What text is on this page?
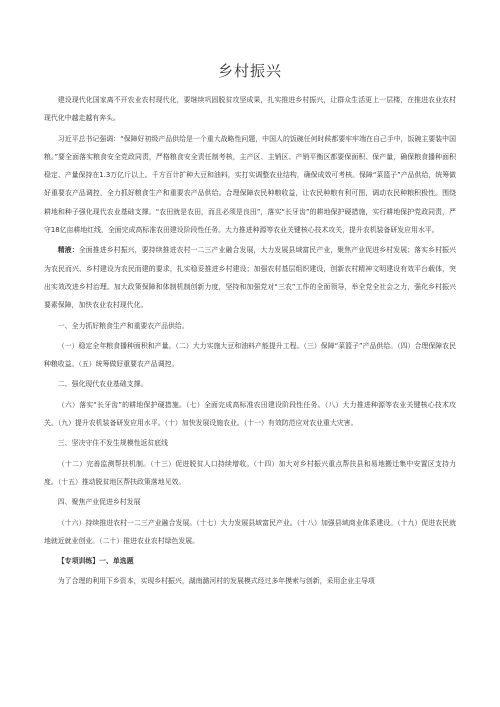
乡村振兴

建设现代化国家离不开农业农村现代化，要继续巩固脱贫攻坚成果，扎实推进乡村振兴，让群众生活更上一层楼，在推进农业农村现代化中越走越有奔头。

习近平总书记强调：“保障好初级产品供给是一个重大战略性问题，中国人的饭碗任何时候都要牢牢端在自己手中，饭碗主要装中国粮。”要全面落实粮食安全党政同责，严格粮食安全责任制考核，主产区、主销区、产销平衡区都要保面积、保产量，确保粮食播种面积稳定、产量保持在1.3万亿斤以上。千方百计扩种大豆和油料，实打实调整农业结构，确保成效可考核。保障“菜篮子”产品供给，统筹做好重要农产品调控，全力抓好粮食生产和重要农产品供给。合理保障农民种粮收益，让农民种粮有利可图，调动农民种粮积极性。围绕耕地和种子强化现代农业基础支撑。“农田就是农田，而且必须是良田”，落实“长牙齿”的耕地保护硬措施，实行耕地保护党政同责，严守18亿亩耕地红线，全面完成高标准农田建设阶段性任务。大力推进种源等农业关键核心技术攻关，提升农机装备研发应用水平。

精液：全面推进乡村振兴，要持续推进农村一二三产业融合发展，大力发展县域富民产业，聚焦产业促进乡村发展；落实乡村振兴为农民而兴、乡村建设为农民而建的要求，扎实稳妥推进乡村建设；加强农村基层组织建设，创新农村精神文明建设有效平台载体，突出实效改进乡村治理。加大政策保障和体制机制创新力度，坚持和加强党对“三农”工作的全面领导，举全党全社会之力，强化乡村振兴要素保障，加快农业农村现代化。

一、全力抓好粮食生产和重要农产品供给。

（一）稳定全年粮食播种面积和产量。（二）大力实施大豆和油料产能提升工程。（三）保障“菜篮子”产品供给。（四）合理保障农民种粮收益。（五）统筹做好重要农产品调控。

二、强化现代农业基础支撑。

（六）落实“长牙齿”的耕地保护硬措施。（七）全面完成高标准农田建设阶段性任务。（八）大力推进种源等农业关键核心技术攻关。（九）提升农机装备研发应用水平。（十）加快发展设施农业。（十一）有效防范应对农业重大灾害。

三、坚决守住不发生规模性返贫底线

（十二）完善监测帮扶机制。（十三）促进脱贫人口持续增收。（十四）加大对乡村振兴重点帮扶县和易地搬迁集中安置区支持力度。（十五）推动脱贫地区帮扶政策落地见效。

四、聚焦产业促进乡村发展

（十六）持续推进农村一二三产业融合发展。（十七）大力发展县域富民产业。（十八）加强县域商业体系建设。（十九）促进农民就地就近就业创业。（二十）推进农业农村绿色发展。

【专项训练】一、单选题

为了合理的利用下乡资本，实现乡村振兴，湖南潞河村的发展模式经过多年摸索与创新，采用企业主导项
